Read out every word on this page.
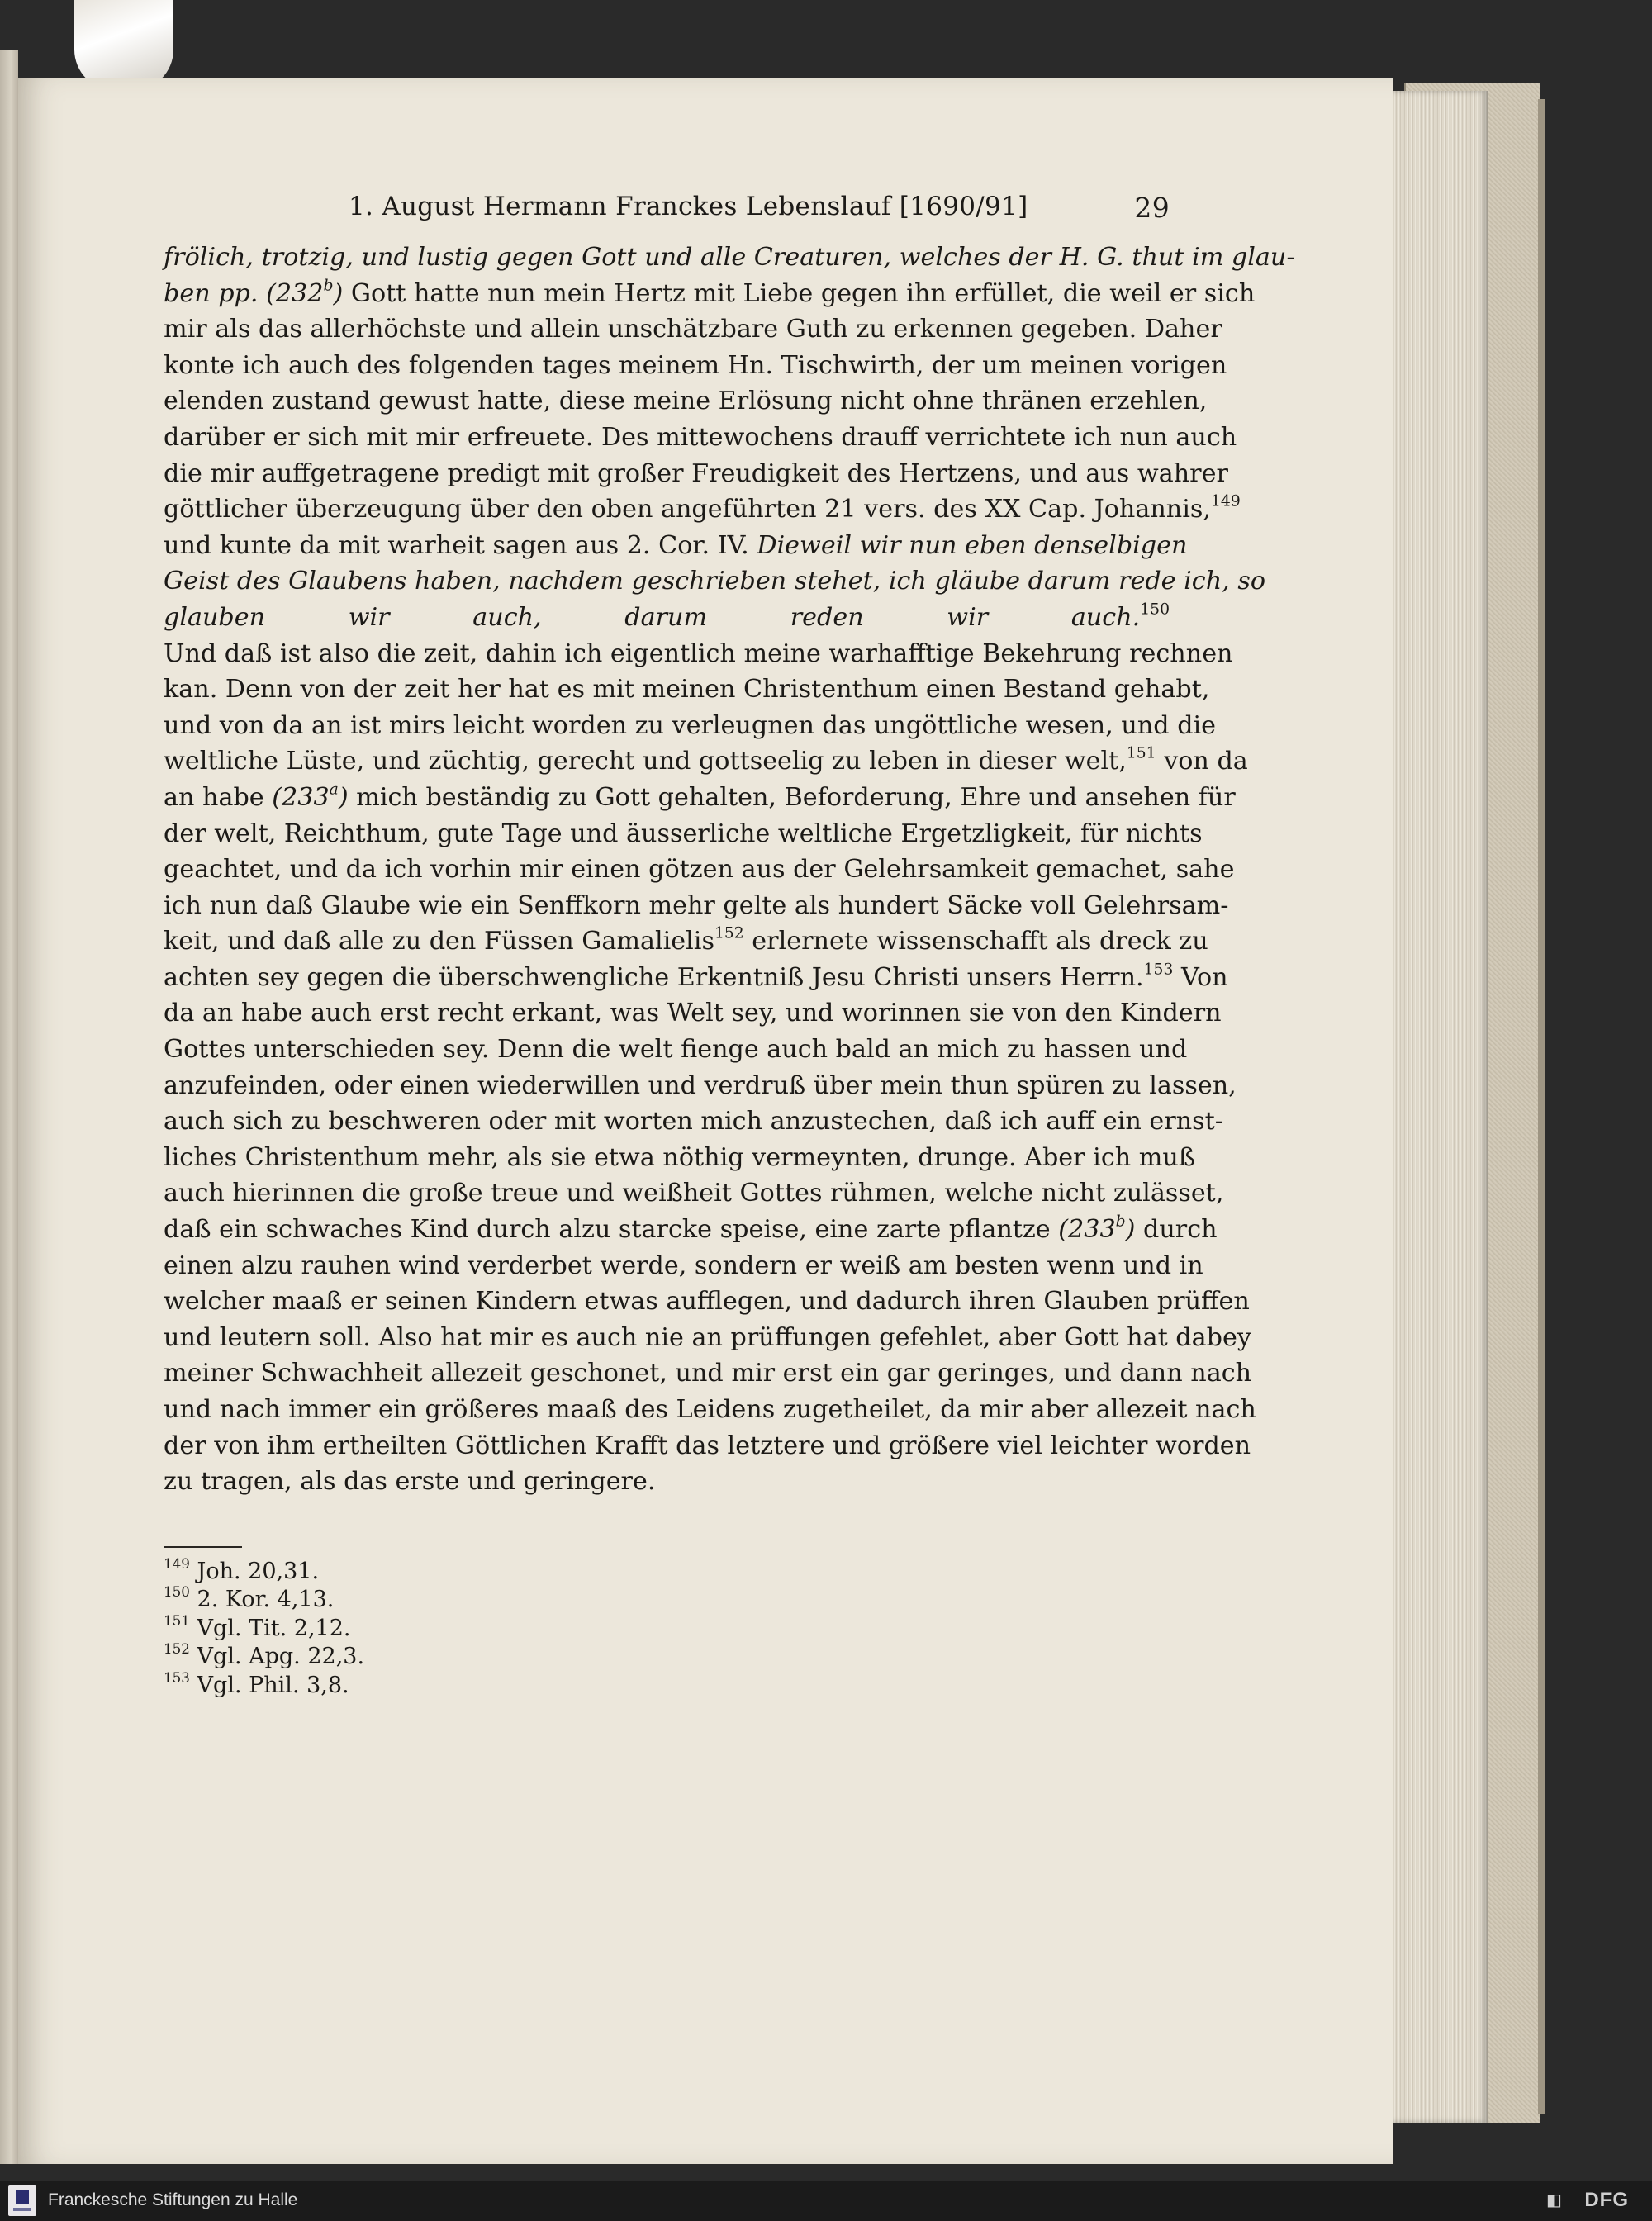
1. August Hermann Franckes Lebenslauf [1690/91]	29
frölich, trotzig, und lustig gegen Gott und alle Creaturen, welches der H. G. thut im glau-
ben pp. (232$^b$) Gott hatte nun mein Hertz mit Liebe gegen ihn erfüllet, die weil er sich
mir als das allerhöchste und allein unschätzbare Guth zu erkennen gegeben. Daher
konte ich auch des folgenden tages meinem Hn. Tischwirth, der um meinen vorigen
elenden zustand gewust hatte, diese meine Erlösung nicht ohne thränen erzehlen,
darüber er sich mit mir erfreuete. Des mittewochens drauff verrichtete ich nun auch
die mir auffgetragene predigt mit großer Freudigkeit des Hertzens, und aus wahrer
göttlicher überzeugung über den oben angeführten 21 vers. des XX Cap. Johannis,$^{149}$
und kunte da mit warheit sagen aus 2. Cor. IV. Dieweil wir nun eben denselbigen
Geist des Glaubens haben, nachdem geschrieben stehet, ich gläube darum rede ich, so
glauben wir auch, darum reden wir auch.$^{150}$
Und daß ist also die zeit, dahin ich eigentlich meine warhafftige Bekehrung rechnen
kan. Denn von der zeit her hat es mit meinen Christenthum einen Bestand gehabt,
und von da an ist mirs leicht worden zu verleugnen das ungöttliche wesen, und die
weltliche Lüste, und züchtig, gerecht und gottseelig zu leben in dieser welt,$^{151}$ von da
an habe (233$^a$) mich beständig zu Gott gehalten, Beforderung, Ehre und ansehen für
der welt, Reichthum, gute Tage und äusserliche weltliche Ergetzligkeit, für nichts
geachtet, und da ich vorhin mir einen götzen aus der Gelehrsamkeit gemachet, sahe
ich nun daß Glaube wie ein Senffkorn mehr gelte als hundert Säcke voll Gelehrsam-
keit, und daß alle zu den Füssen Gamalielis$^{152}$ erlernete wissenschafft als dreck zu
achten sey gegen die überschwengliche Erkentniß Jesu Christi unsers Herrn.$^{153}$ Von
da an habe auch erst recht erkant, was Welt sey, und worinnen sie von den Kindern
Gottes unterschieden sey. Denn die welt fienge auch bald an mich zu hassen und
anzufeinden, oder einen wiederwillen und verdruß über mein thun spüren zu lassen,
auch sich zu beschweren oder mit worten mich anzustechen, daß ich auff ein ernst-
liches Christenthum mehr, als sie etwa nöthig vermeynten, drunge. Aber ich muß
auch hierinnen die große treue und weißheit Gottes rühmen, welche nicht zulässet,
daß ein schwaches Kind durch alzu starcke speise, eine zarte pflantze (233$^b$) durch
einen alzu rauhen wind verderbet werde, sondern er weiß am besten wenn und in
welcher maaß er seinen Kindern etwas aufflegen, und dadurch ihren Glauben prüffen
und leutern soll. Also hat mir es auch nie an prüffungen gefehlet, aber Gott hat dabey
meiner Schwachheit allezeit geschonet, und mir erst ein gar geringes, und dann nach
und nach immer ein größeres maaß des Leidens zugetheilet, da mir aber allezeit nach
der von ihm ertheilten Göttlichen Krafft das letztere und größere viel leichter worden
zu tragen, als das erste und geringere.
$^{149}$ Joh. 20,31.
$^{150}$ 2. Kor. 4,13.
$^{151}$ Vgl. Tit. 2,12.
$^{152}$ Vgl. Apg. 22,3.
$^{153}$ Vgl. Phil. 3,8.
Franckesche Stiftungen zu Halle	◧ DFG
